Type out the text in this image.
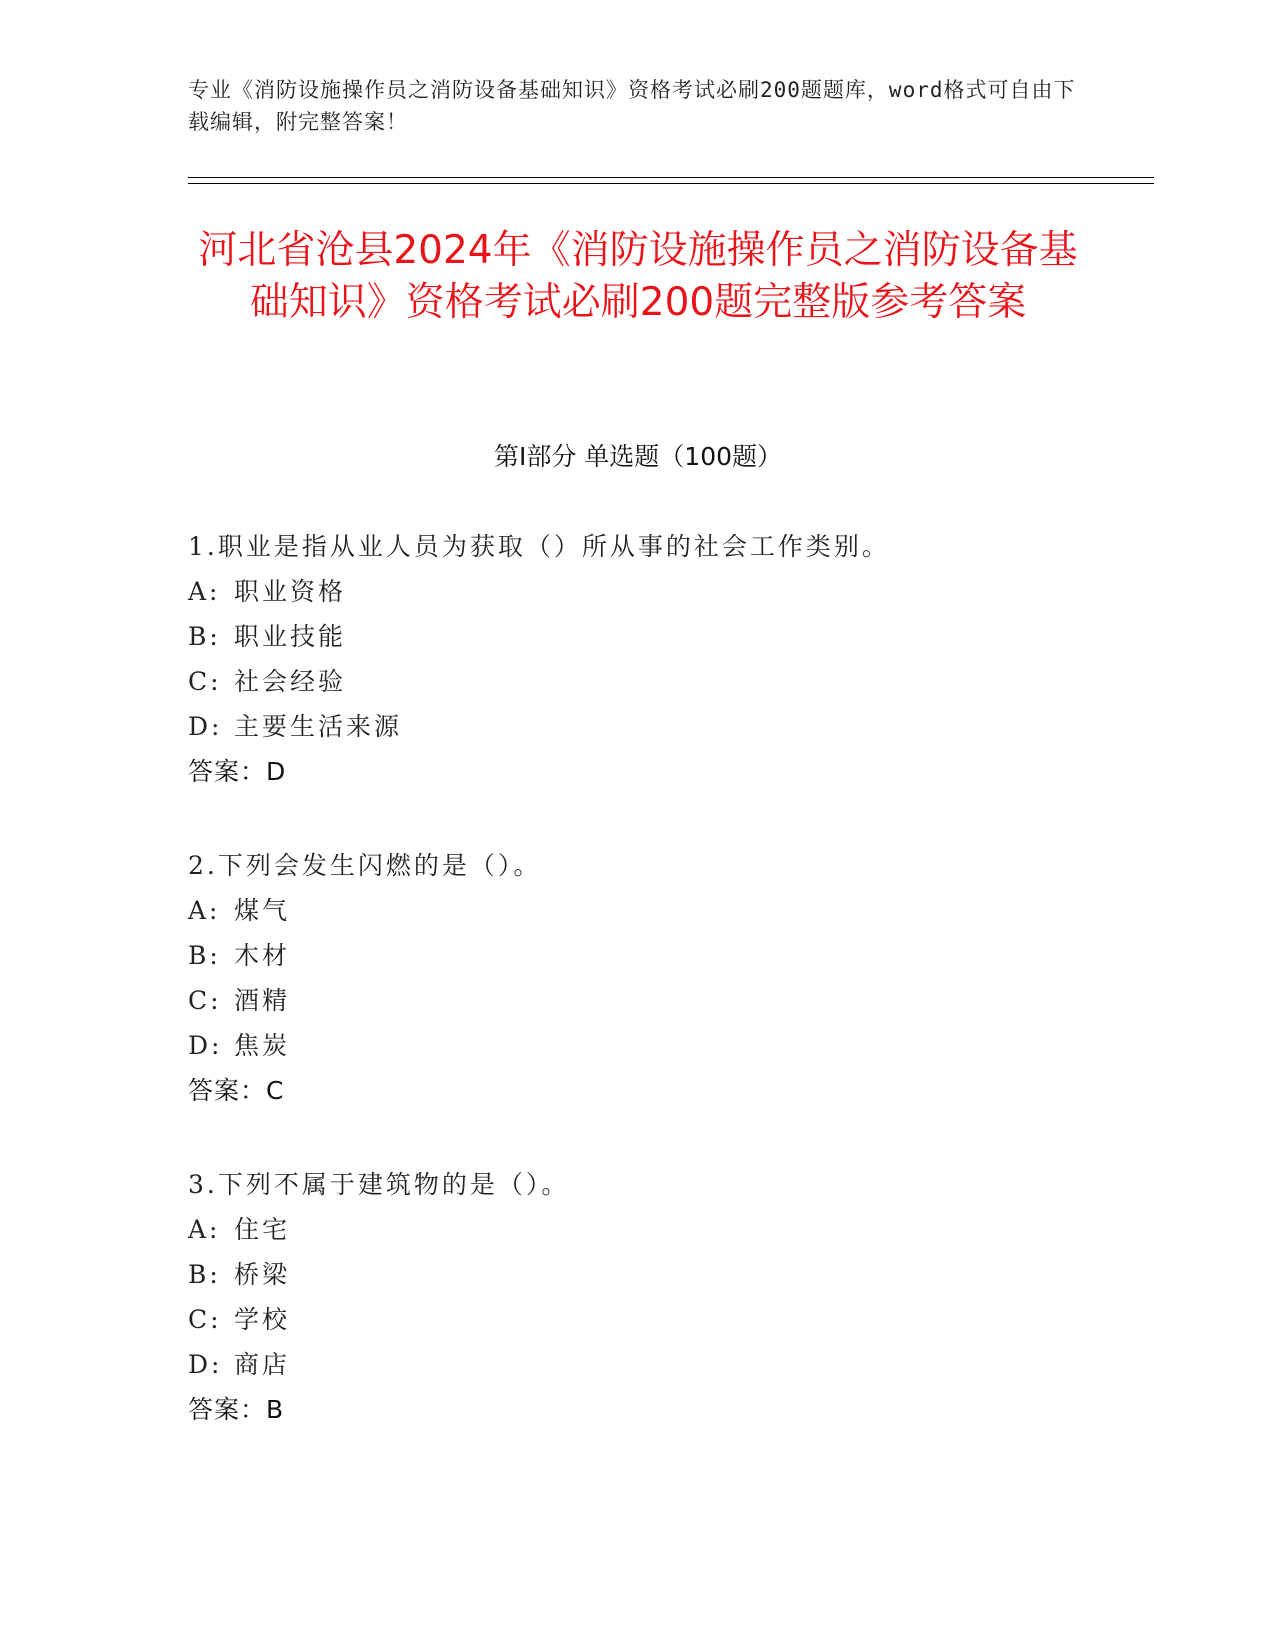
专业《消防设施操作员之消防设备基础知识》资格考试必刷200题题库，word格式可自由下载编辑，附完整答案！
河北省沧县2024年《消防设施操作员之消防设备基础知识》资格考试必刷200题完整版参考答案
第Ⅰ部分 单选题（100题）
1.职业是指从业人员为获取（）所从事的社会工作类别。
A: 职业资格
B: 职业技能
C: 社会经验
D: 主要生活来源
答案：D
2.下列会发生闪燃的是（）。
A: 煤气
B: 木材
C: 酒精
D: 焦炭
答案：C
3.下列不属于建筑物的是（）。
A: 住宅
B: 桥梁
C: 学校
D: 商店
答案：B
